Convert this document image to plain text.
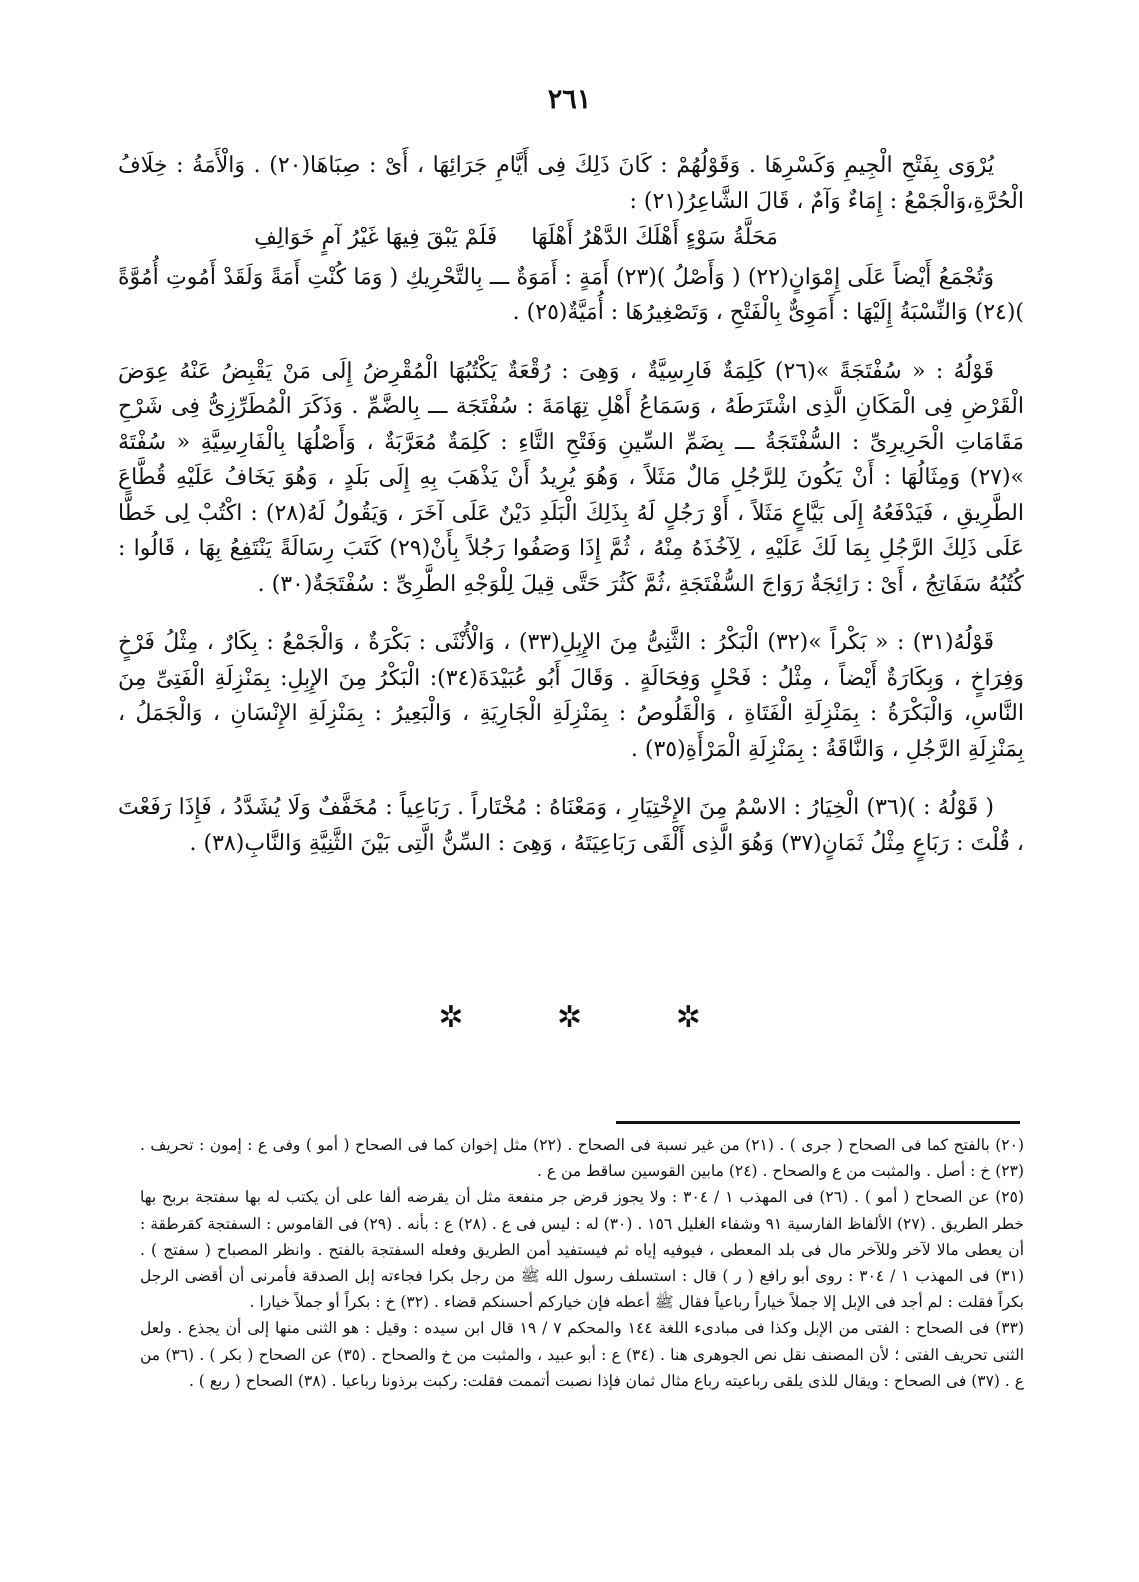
٢٦١

يُرْوَى بِفَتْحِ الْجِيمِ وَكَسْرِهَا . وَقَوْلُهُمْ : كَانَ ذَلِكَ فِى أَيَّامِ جَرَائِهَا ، أَىْ : صِبَاهَا(٢٠) . وَالْأَمَةُ : خِلَافُ الْحُرَّةِ،وَالْجَمْعُ : إِمَاءٌ وَآمٌ ، قَالَ الشَّاعِرُ(٢١) :

مَحَلَّةُ سَوْءٍ أَهْلَكَ الدَّهْرُ أَهْلَهَا
فَلَمْ يَبْقَ فِيهَا غَيْرُ آمٍ خَوَالِفِ

وَتُجْمَعُ أَيْضاً عَلَى إِمْوَانٍ(٢٢) ( وَأَصْلُ )(٢٣) أَمَةٍ : أَمَوَةٌ ـــ بِالتَّحْرِيكِ ( وَمَا كُنْتِ أَمَةً وَلَقَدْ أَمُوتِ أُمُوَّةً )(٢٤) وَالنِّسْبَةُ إِلَيْهَا : أَمَوِىٌّ بِالْفَتْحِ ، وَتَصْغِيرُهَا : أُمَيَّةٌ(٢٥) .

قَوْلُهُ : « سُفْتَجَةً »(٢٦) كَلِمَةٌ فَارِسِيَّةٌ ، وَهِىَ : رُقْعَةٌ يَكْتُبُهَا الْمُقْرِضُ إِلَى مَنْ يَقْبِضُ عَنْهُ عِوَضَ الْقَرْضِ فِى الْمَكَانِ الَّذِى اشْتَرَطَهُ ، وَسَمَاعُ أَهْلِ تِهَامَةَ : سُفْتَجَة ـــ بِالضَّمِّ . وَذَكَرَ الْمُطَرِّزِىُّ فِى شَرْحِ مَقَامَاتِ الْحَرِيرِىِّ : السُّفْتَجَةُ ـــ بِضَمِّ السِّينِ وَفَتْحِ التَّاءِ : كَلِمَةٌ مُعَرَّبَةٌ ، وَأَصْلُهَا بِالْفَارِسِيَّةِ « سُفْتَهْ »(٢٧) وَمِثَالُهَا : أَنْ يَكُونَ لِلرَّجُلِ مَالٌ مَثَلاً ، وَهُوَ يُرِيدُ أَنْ يَذْهَبَ بِهِ إِلَى بَلَدٍ ، وَهُوَ يَخَافُ عَلَيْهِ قُطَّاعَ الطَّرِيقِ ، فَيَدْفَعُهُ إِلَى بَيَّاعٍ مَثَلاً ، أَوْ رَجُلٍ لَهُ بِذَلِكَ الْبَلَدِ دَيْنٌ عَلَى آخَرَ ، وَيَقُولُ لَهُ(٢٨) : اكْتُبْ لِى خَطًّا عَلَى ذَلِكَ الرَّجُلِ بِمَا لَكَ عَلَيْهِ ، لِآخُذَهُ مِنْهُ ، ثُمَّ إِذَا وَصَفُوا رَجُلاً بِأَنْ(٢٩) كَتَبَ رِسَالَةً يَنْتَفِعُ بِهَا ، قَالُوا : كُتُبُهُ سَفَاتِجُ ، أَىْ : رَائِجَةٌ رَوَاجَ السُّفْتَجَةِ ،ثُمَّ كَثُرَ حَتَّى قِيلَ لِلْوَجْهِ الطَّرِىِّ : سُفْتَجَةٌ(٣٠) .

قَوْلُهُ(٣١) : « بَكْراً »(٣٢) الْبَكْرُ : الثَّنِىُّ مِنَ الإِبِلِ(٣٣) ، وَالْأُنْثَى : بَكْرَةٌ ، وَالْجَمْعُ : بِكَارٌ ، مِثْلُ فَرْخٍ وَفِرَاخٍ ، وَبِكَارَةٌ أَيْضاً ، مِثْلُ : فَحْلٍ وَفِحَالَةٍ . وَقَالَ أَبُو عُبَيْدَةَ(٣٤): الْبَكْرُ مِنَ الإِبِلِ: بِمَنْزِلَةِ الْفَتِىِّ مِنَ النَّاسِ، وَالْبَكْرَةُ : بِمَنْزِلَةِ الْفَتَاةِ ، وَالْقَلُوصُ : بِمَنْزِلَةِ الْجَارِيَةِ ، وَالْبَعِيرُ : بِمَنْزِلَةِ الإِنْسَانِ ، وَالْجَمَلُ ، بِمَنْزِلَةِ الرَّجُلِ ، وَالنَّاقَةُ : بِمَنْزِلَةِ الْمَرْأَةِ(٣٥) .

( قَوْلُهُ : )(٣٦) الْخِيَارُ : الاسْمُ مِنَ الإِخْتِيَارِ ، وَمَعْنَاهُ : مُخْتَاراً . رَبَاعِياً : مُخَفَّفٌ وَلَا يُشَدَّدُ ، فَإِذَا رَفَعْتَ ، قُلْتَ : رَبَاعٍ مِثْلُ ثَمَانٍ(٣٧) وَهُوَ الَّذِى أَلْقَى رَبَاعِيَتَهُ ، وَهِىَ : السِّنُّ الَّتِى بَيْنَ الثَّنِيَّةِ وَالنَّابِ(٣٨) .

✲ ✲ ✲

(٢٠) بالفتح كما فى الصحاح ( جرى ) . (٢١) من غير نسبة فى الصحاح . (٢٢) مثل إخوان كما فى الصحاح ( أمو ) وفى ع : إمون : تحريف . (٢٣) خ : أصل . والمثبت من ع والصحاح . (٢٤) مابين القوسين ساقط من ع .

(٢٥) عن الصحاح ( أمو ) . (٢٦) فى المهذب ١ / ٣٠٤ : ولا يجوز قرض جر منفعة مثل أن يقرضه ألفا على أن يكتب له بها سفتجة بربح بها خطر الطريق . (٢٧) الألفاظ الفارسية ٩١ وشفاء الغليل ١٥٦ . (٣٠) له : ليس فى ع . (٢٨) ع : بأنه . (٢٩) فى القاموس : السفتجة كقرطقة : أن يعطى مالا لآخر وللآخر مال فى بلد المعطى ، فيوفيه إياه ثم فيستفيد أمن الطريق وفعله السفتجة بالفتح . وانظر المصباح ( سفتج ) . (٣١) فى المهذب ١ / ٣٠٤ : روى أبو رافع ( ر ) قال : استسلف رسول الله ﷺ من رجل بكرا فجاءته إبل الصدقة فأمرنى أن أقضى الرجل بكراً فقلت : لم أجد فى الإبل إلا جملاً خياراً رباعياً فقال ﷺ أعطه فإن خياركم أحسنكم قضاء . (٣٢) خ : بكراً أو جملاً خيارا .

(٣٣) فى الصحاح : الفتى من الإبل وكذا فى مبادىء اللغة ١٤٤ والمحكم ٧ / ١٩ قال ابن سيده : وقيل : هو الثنى منها إلى أن يجذع . ولعل الثنى تحريف الفتى ؛ لأن المصنف نقل نص الجوهرى هنا . (٣٤) ع : أبو عبيد ، والمثبت من خ والصحاح . (٣٥) عن الصحاح ( بكر ) . (٣٦) من ع . (٣٧) فى الصحاح : ويقال للذى يلقى رباعيته رباع مثال ثمان فإذا نصبت أتممت فقلت: ركبت برذونا رباعيا . (٣٨) الصحاح ( ربع ) .
